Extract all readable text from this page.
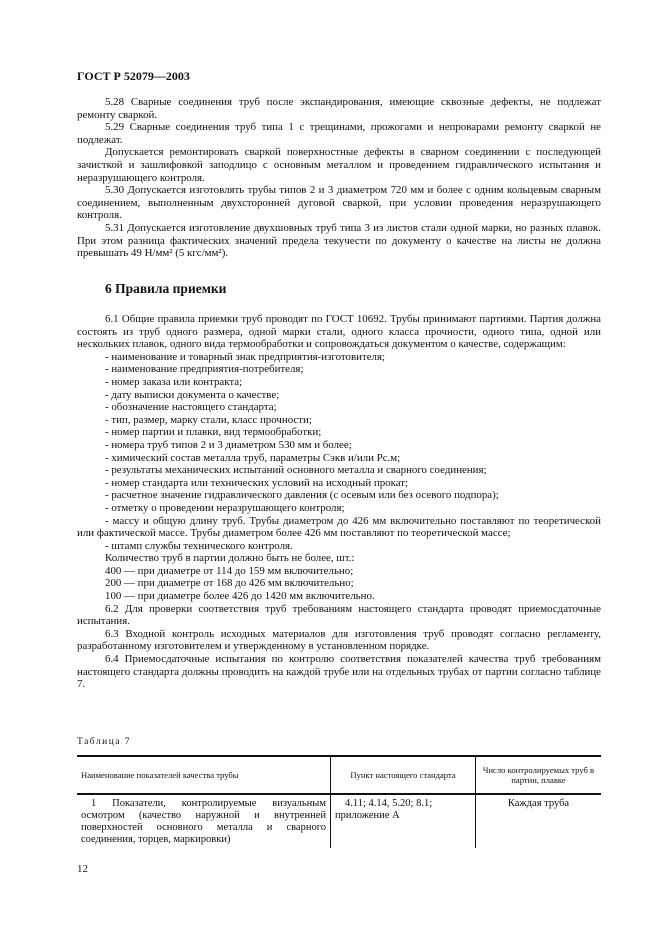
ГОСТ Р 52079—2003

5.28 Сварные соединения труб после экспандирования, имеющие сквозные дефекты, не подлежат ремонту сваркой.

5.29 Сварные соединения труб типа 1 с трещинами, прожогами и непроварами ремонту сваркой не подлежат.

Допускается ремонтировать сваркой поверхностные дефекты в сварном соединении с последующей зачисткой и зашлифовкой заподлицо с основным металлом и проведением гидравлического испытания и неразрушающего контроля.

5.30 Допускается изготовлять трубы типов 2 и 3 диаметром 720 мм и более с одним кольцевым сварным соединением, выполненным двухсторонней дуговой сваркой, при условии проведения неразрушающего контроля.

5.31 Допускается изготовление двухшовных труб типа 3 из листов стали одной марки, но разных плавок. При этом разница фактических значений предела текучести по документу о качестве на листы не должна превышать 49 Н/мм² (5 кгс/мм²).

6 Правила приемки

6.1 Общие правила приемки труб проводят по ГОСТ 10692. Трубы принимают партиями. Партия должна состоять из труб одного размера, одной марки стали, одного класса прочности, одного типа, одной или нескольких плавок, одного вида термообработки и сопровождаться документом о качестве, содержащим:

- наименование и товарный знак предприятия-изготовителя;

- наименование предприятия-потребителя;

- номер заказа или контракта;

- дату выписки документа о качестве;

- обозначение настоящего стандарта;

- тип, размер, марку стали, класс прочности;

- номер партии и плавки, вид термообработки;

- номера труб типов 2 и 3 диаметром 530 мм и более;

- химический состав металла труб, параметры Cэкв и/или Pс.м;

- результаты механических испытаний основного металла и сварного соединения;

- номер стандарта или технических условий на исходный прокат;

- расчетное значение гидравлического давления (с осевым или без осевого подпора);

- отметку о проведении неразрушающего контроля;

- массу и общую длину труб. Трубы диаметром до 426 мм включительно поставляют по теоретической или фактической массе. Трубы диаметром более 426 мм поставляют по теоретической массе;

- штамп службы технического контроля.

Количество труб в партии должно быть не более, шт.:

400 — при диаметре от 114 до 159 мм включительно;

200 — при диаметре от 168 до 426 мм включительно;

100 — при диаметре более 426 до 1420 мм включительно.

6.2 Для проверки соответствия труб требованиям настоящего стандарта проводят приемосдаточные испытания.

6.3 Входной контроль исходных материалов для изготовления труб проводят согласно регламенту, разработанному изготовителем и утвержденному в установленном порядке.

6.4 Приемосдаточные испытания по контролю соответствия показателей качества труб требованиям настоящего стандарта должны проводить на каждой трубе или на отдельных трубах от партии согласно таблице 7.

Таблица 7
Наименование показателей качества трубы	Пункт настоящего стандарта	Число контролируемых труб в партии, плавке

1 Показатели, контролируемые визуальным осмотром (качество наружной и внутренней поверхностей основного металла и сварного соединения, торцев, маркировки)	4.11; 4.14, 5.20; 8.1; приложение А	Каждая труба
12
